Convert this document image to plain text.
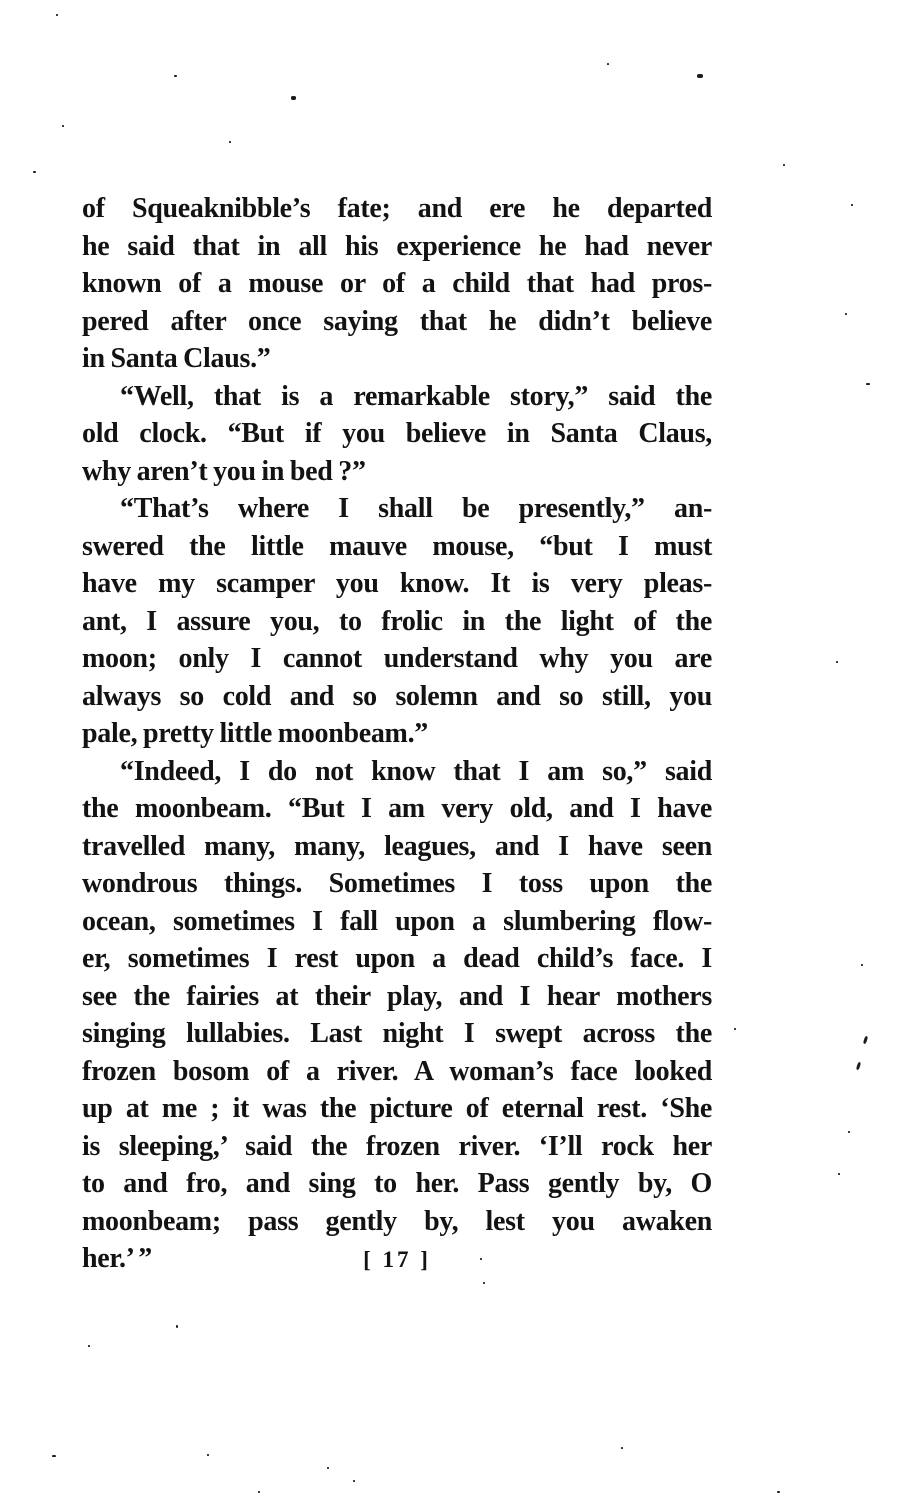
of Squeaknibble’s fate; and ere he departed
he said that in all his experience he had never
known of a mouse or of a child that had pros-
pered after once saying that he didn’t believe
in Santa Claus.”
“Well, that is a remarkable story,” said the
old clock. “But if you believe in Santa Claus,
why aren’t you in bed ?”
“That’s where I shall be presently,” an-
swered the little mauve mouse, “but I must
have my scamper you know. It is very pleas-
ant, I assure you, to frolic in the light of the
moon; only I cannot understand why you are
always so cold and so solemn and so still, you
pale, pretty little moonbeam.”
“Indeed, I do not know that I am so,” said
the moonbeam. “But I am very old, and I have
travelled many, many, leagues, and I have seen
wondrous things. Sometimes I toss upon the
ocean, sometimes I fall upon a slumbering flow-
er, sometimes I rest upon a dead child’s face. I
see the fairies at their play, and I hear mothers
singing lullabies. Last night I swept across the
frozen bosom of a river. A woman’s face looked
up at me ; it was the picture of eternal rest. ‘She
is sleeping,’ said the frozen river. ‘I’ll rock her
to and fro, and sing to her. Pass gently by, O
moonbeam; pass gently by, lest you awaken
her.’ ”	[ 17 ]
